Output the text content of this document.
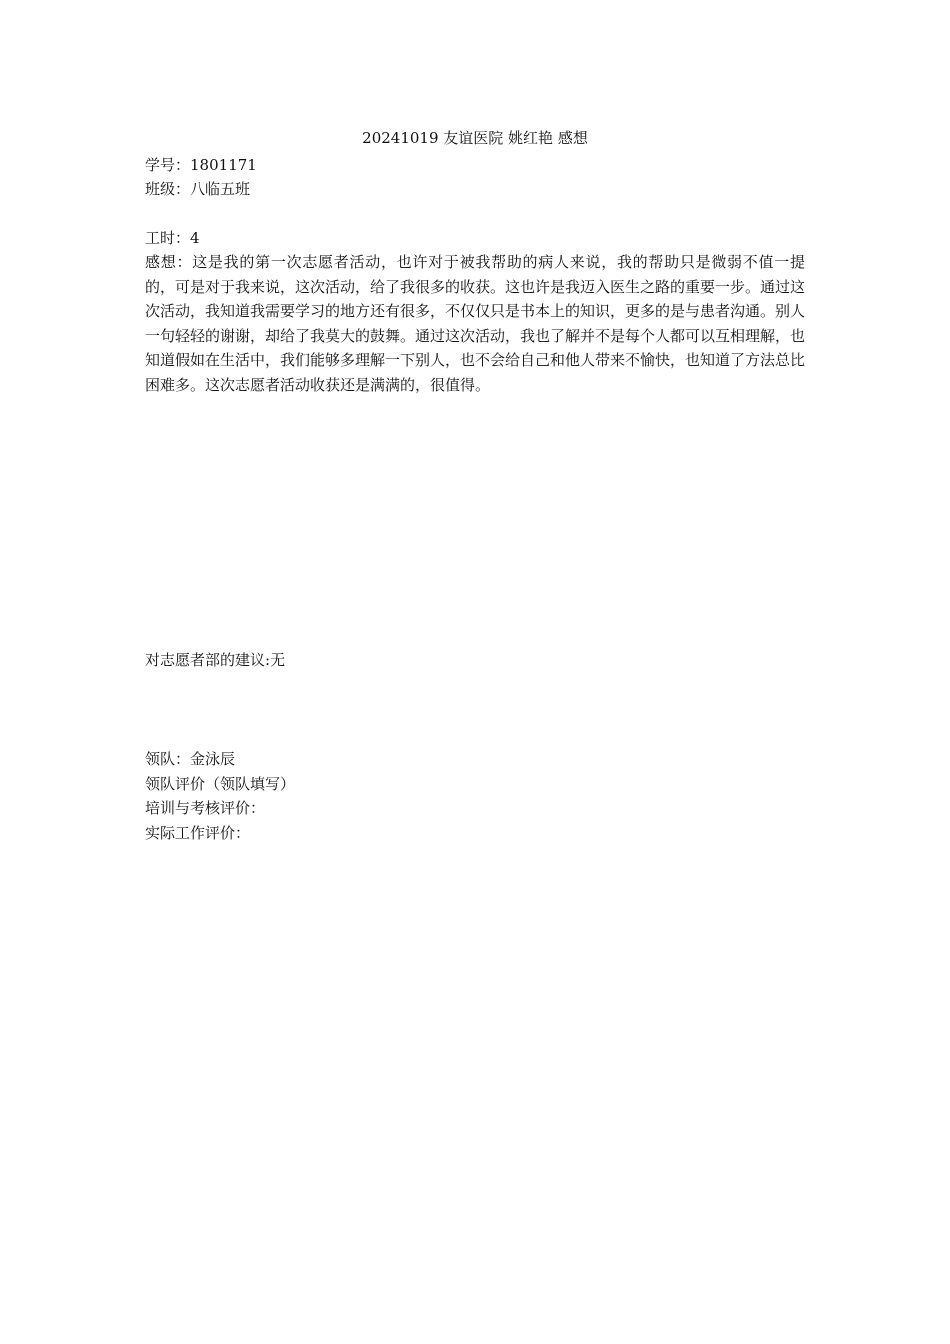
20241019 友谊医院 姚红艳 感想

学号：1801171

班级：八临五班

工时：4

感想：这是我的第一次志愿者活动，也许对于被我帮助的病人来说，我的帮助只是微弱不值一提的，可是对于我来说，这次活动，给了我很多的收获。这也许是我迈入医生之路的重要一步。通过这次活动，我知道我需要学习的地方还有很多，不仅仅只是书本上的知识，更多的是与患者沟通。别人一句轻轻的谢谢，却给了我莫大的鼓舞。通过这次活动，我也了解并不是每个人都可以互相理解，也知道假如在生活中，我们能够多理解一下别人，也不会给自己和他人带来不愉快，也知道了方法总比困难多。这次志愿者活动收获还是满满的，很值得。

对志愿者部的建议:无

领队：金泳辰

领队评价（领队填写）

培训与考核评价：

实际工作评价：
